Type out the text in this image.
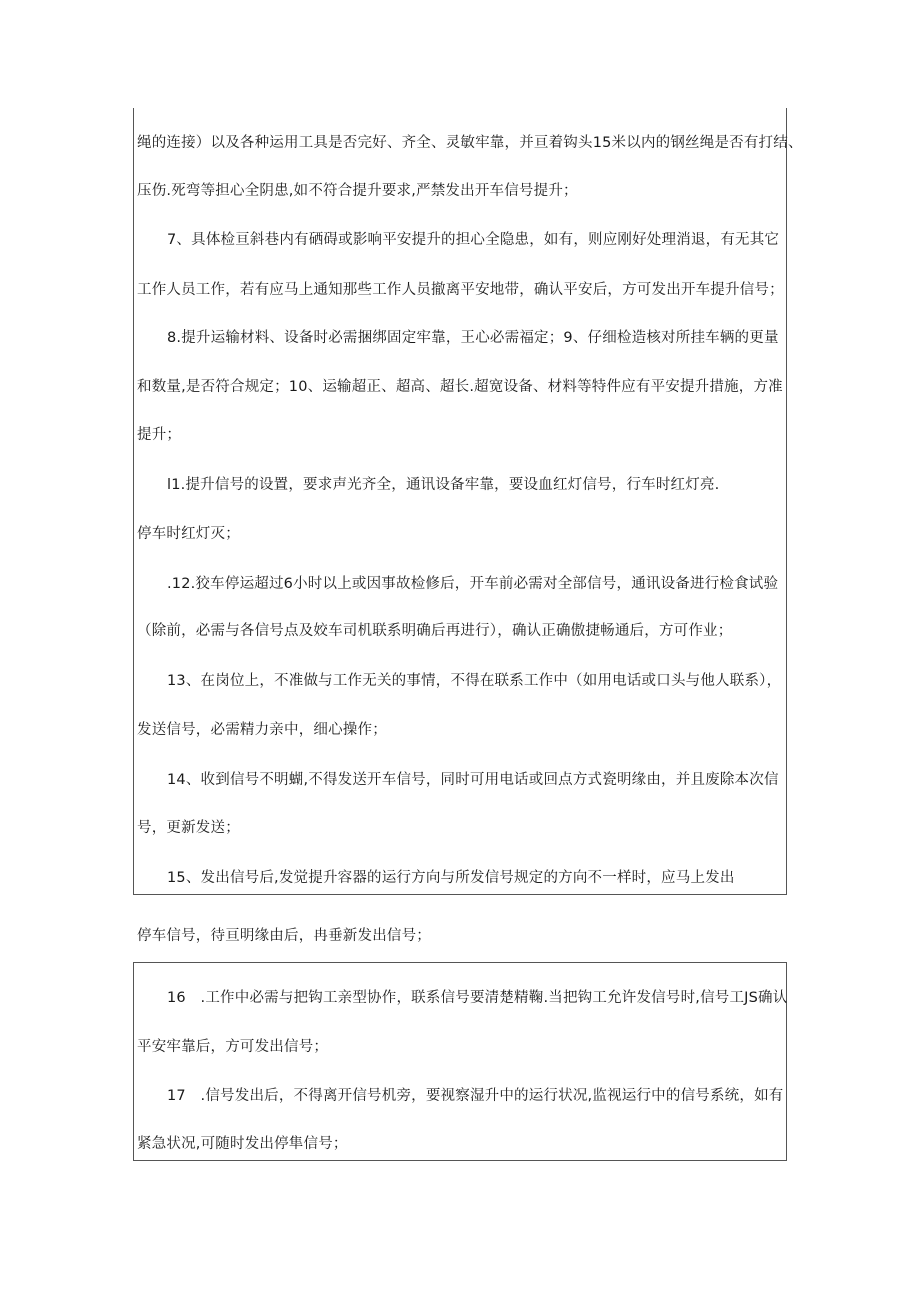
绳的连接）以及各种运用工具是否完好、齐全、灵敏牢靠，并亘着钩头15米以内的钢丝绳是否有打结、
压伤.死弯等担心全阴患,如不符合提升要求,严禁发出开车信号提升；
7、具体检亘斜巷内有硒碍或影响平安提升的担心全隐患，如有，则应刚好处理消退，有无其它
工作人员工作，若有应马上通知那些工作人员撤离平安地带，确认平安后，方可发出开车提升信号；
8.提升运输材料、设备时必需捆绑固定牢靠，王心必需福定；9、仔细检造核对所挂车辆的更量
和数量,是否符合规定；10、运输超正、超高、超长.超宽设备、材料等特件应有平安提升措施，方准
提升；
l1.提升信号的设置，要求声光齐全，通讯设备牢靠，要设血红灯信号，行车时红灯亮.
停车时红灯灭；
.12.狡车停运超过6小时以上或因事故检修后，开车前必需对全部信号，通讯设备进行检食试验
（除前，必需与各信号点及姣车司机联系明确后再进行），确认正确傲捷畅通后，方可作业；
13、在岗位上，不准做与工作无关的事情，不得在联系工作中（如用电话或口头与他人联系），
发送信号，必需精力亲中，细心操作；
14、收到信号不明蝴,不得发送开车信号，同时可用电话或回点方式瓷明缘由，并且废除本次信
号，更新发送；
15、发出信号后,发觉提升容器的运行方向与所发信号规定的方向不一样时，应马上发出
停车信号，待亘明缘由后，冉垂新发出信号；
16　.工作中必需与把钩工亲型协作，联系信号要清楚精鞠.当把钩工允许发信号时,信号工JS确认
平安牢靠后，方可发出信号；
17　.信号发出后，不得离开信号机旁，要视察湿升中的运行状况,监视运行中的信号系统，如有
紧急状况,可随时发出停隼信号；
